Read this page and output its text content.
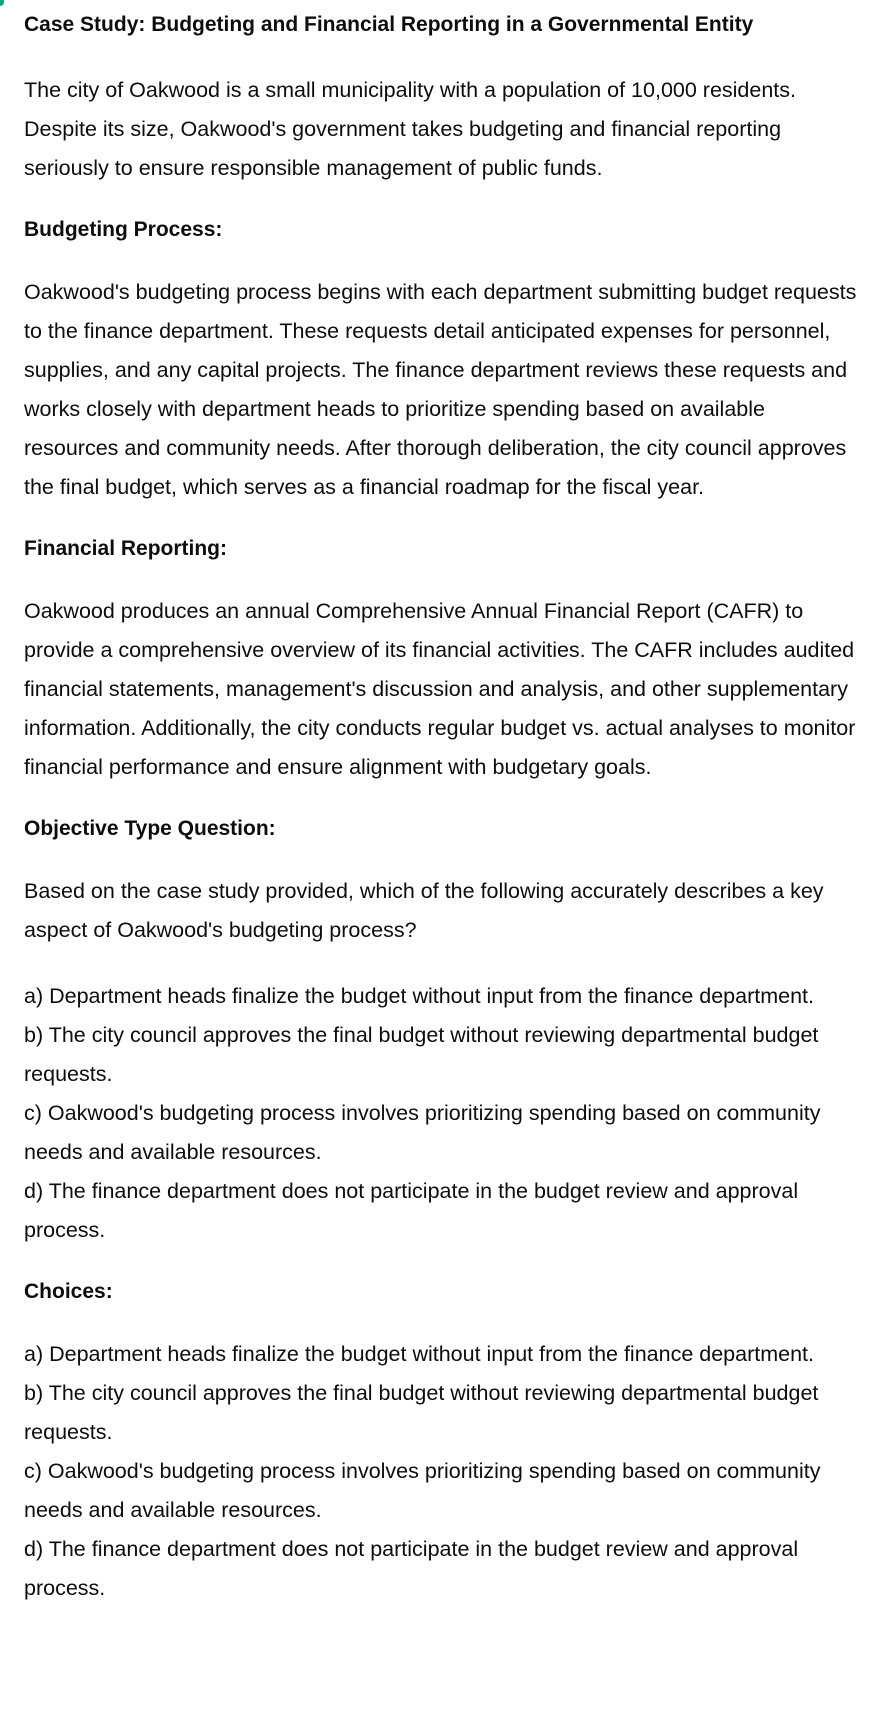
Case Study: Budgeting and Financial Reporting in a Governmental Entity

The city of Oakwood is a small municipality with a population of 10,000 residents. Despite its size, Oakwood's government takes budgeting and financial reporting seriously to ensure responsible management of public funds.

Budgeting Process:

Oakwood's budgeting process begins with each department submitting budget requests to the finance department. These requests detail anticipated expenses for personnel, supplies, and any capital projects. The finance department reviews these requests and works closely with department heads to prioritize spending based on available resources and community needs. After thorough deliberation, the city council approves the final budget, which serves as a financial roadmap for the fiscal year.

Financial Reporting:

Oakwood produces an annual Comprehensive Annual Financial Report (CAFR) to provide a comprehensive overview of its financial activities. The CAFR includes audited financial statements, management's discussion and analysis, and other supplementary information. Additionally, the city conducts regular budget vs. actual analyses to monitor financial performance and ensure alignment with budgetary goals.

Objective Type Question:

Based on the case study provided, which of the following accurately describes a key aspect of Oakwood's budgeting process?

a) Department heads finalize the budget without input from the finance department.

b) The city council approves the final budget without reviewing departmental budget requests.

c) Oakwood's budgeting process involves prioritizing spending based on community needs and available resources.

d) The finance department does not participate in the budget review and approval process.

Choices:

a) Department heads finalize the budget without input from the finance department.

b) The city council approves the final budget without reviewing departmental budget requests.

c) Oakwood's budgeting process involves prioritizing spending based on community needs and available resources.

d) The finance department does not participate in the budget review and approval process.
